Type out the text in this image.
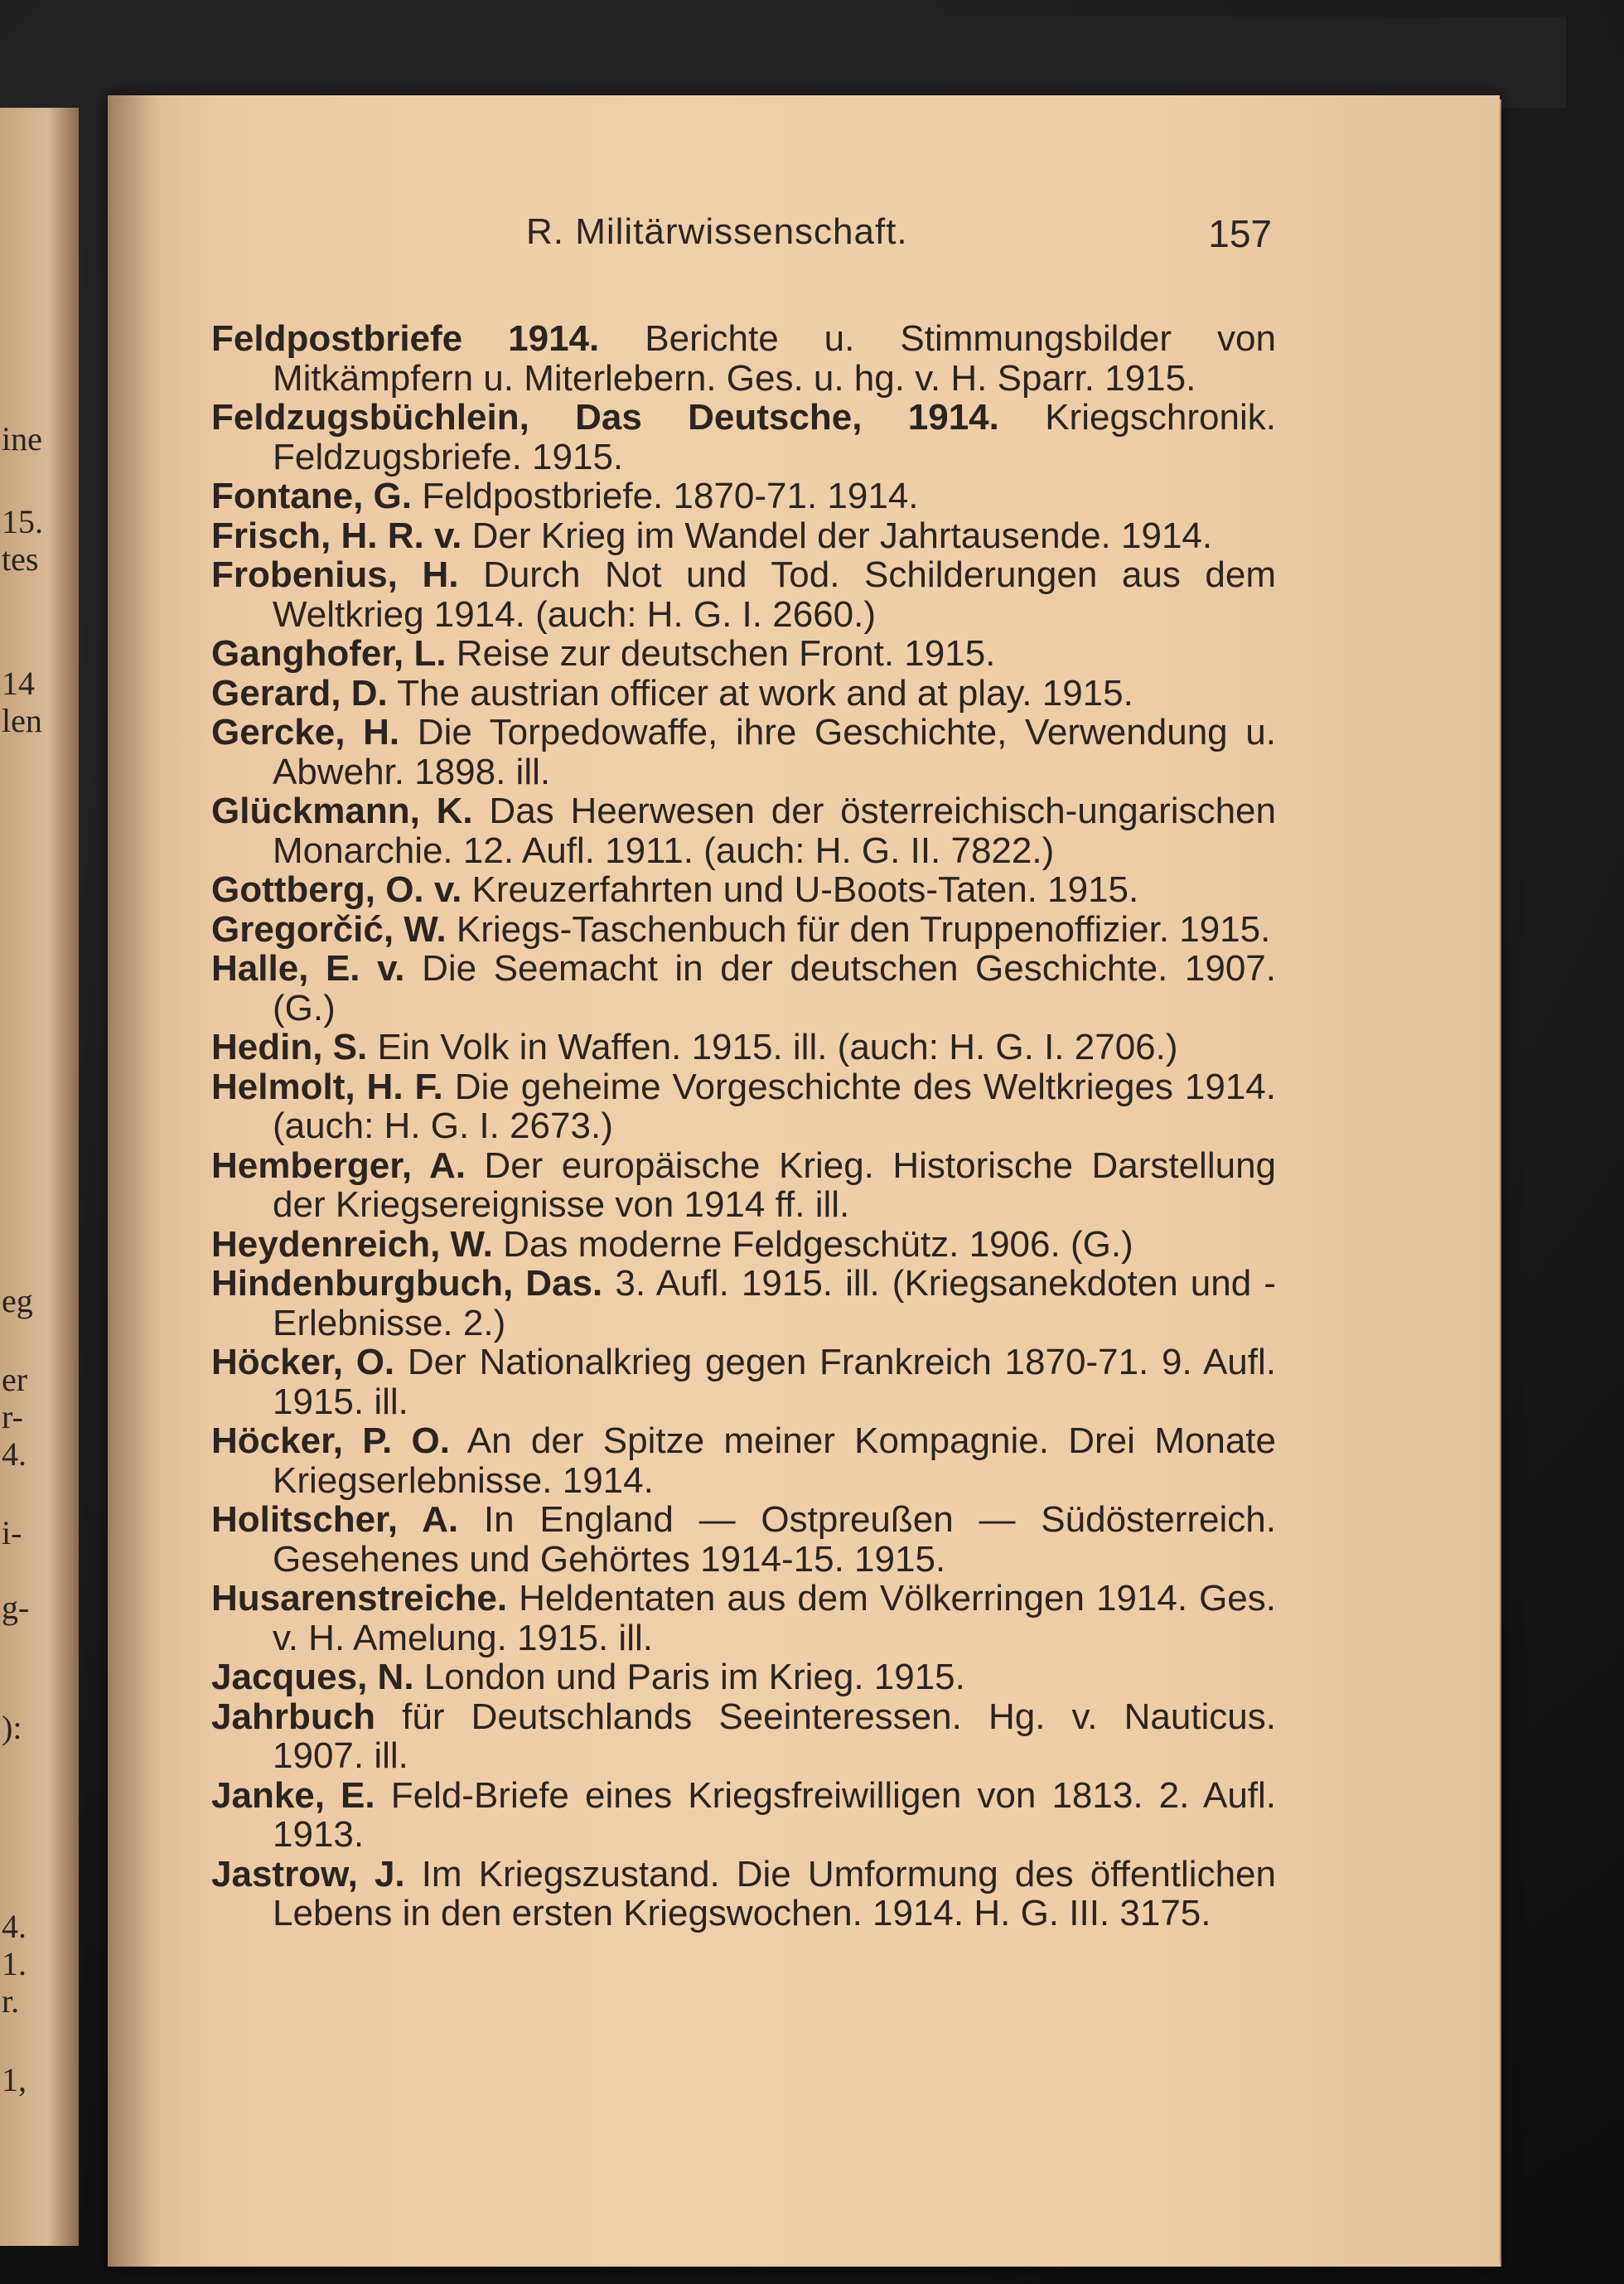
ine
15.
tes
14
len
eg
er
r-
4.
i-
g-
):
4.
1.
r.
1,
R. Militärwissenschaft.	157

Feldpostbriefe 1914. Berichte u. Stimmungsbilder von Mitkämpfern u. Miterlebern. Ges. u. hg. v. H. Sparr. 1915.

Feldzugsbüchlein, Das Deutsche, 1914. Kriegschronik. Feldzugsbriefe. 1915.

Fontane, G. Feldpostbriefe. 1870-71. 1914.

Frisch, H. R. v. Der Krieg im Wandel der Jahrtausende. 1914.

Frobenius, H. Durch Not und Tod. Schilderungen aus dem Weltkrieg 1914. (auch: H. G. I. 2660.)

Ganghofer, L. Reise zur deutschen Front. 1915.

Gerard, D. The austrian officer at work and at play. 1915.

Gercke, H. Die Torpedowaffe, ihre Geschichte, Verwendung u. Abwehr. 1898. ill.

Glückmann, K. Das Heerwesen der österreichisch-ungarischen Monarchie. 12. Aufl. 1911. (auch: H. G. II. 7822.)

Gottberg, O. v. Kreuzerfahrten und U-Boots-Taten. 1915.

Gregorčić, W. Kriegs-Taschenbuch für den Truppenoffizier. 1915.

Halle, E. v. Die Seemacht in der deutschen Geschichte. 1907. (G.)

Hedin, S. Ein Volk in Waffen. 1915. ill. (auch: H. G. I. 2706.)

Helmolt, H. F. Die geheime Vorgeschichte des Weltkrieges 1914. (auch: H. G. I. 2673.)

Hemberger, A. Der europäische Krieg. Historische Darstellung der Kriegsereignisse von 1914 ff. ill.

Heydenreich, W. Das moderne Feldgeschütz. 1906. (G.)

Hindenburgbuch, Das. 3. Aufl. 1915. ill. (Kriegsanekdoten und -Erlebnisse. 2.)

Höcker, O. Der Nationalkrieg gegen Frankreich 1870-71. 9. Aufl. 1915. ill.

Höcker, P. O. An der Spitze meiner Kompagnie. Drei Monate Kriegserlebnisse. 1914.

Holitscher, A. In England — Ostpreußen — Südösterreich. Gesehenes und Gehörtes 1914-15. 1915.

Husarenstreiche. Heldentaten aus dem Völkerringen 1914. Ges. v. H. Amelung. 1915. ill.

Jacques, N. London und Paris im Krieg. 1915.

Jahrbuch für Deutschlands Seeinteressen. Hg. v. Nauticus. 1907. ill.

Janke, E. Feld-Briefe eines Kriegsfreiwilligen von 1813. 2. Aufl. 1913.

Jastrow, J. Im Kriegszustand. Die Umformung des öffentlichen Lebens in den ersten Kriegswochen. 1914. H. G. III. 3175.
